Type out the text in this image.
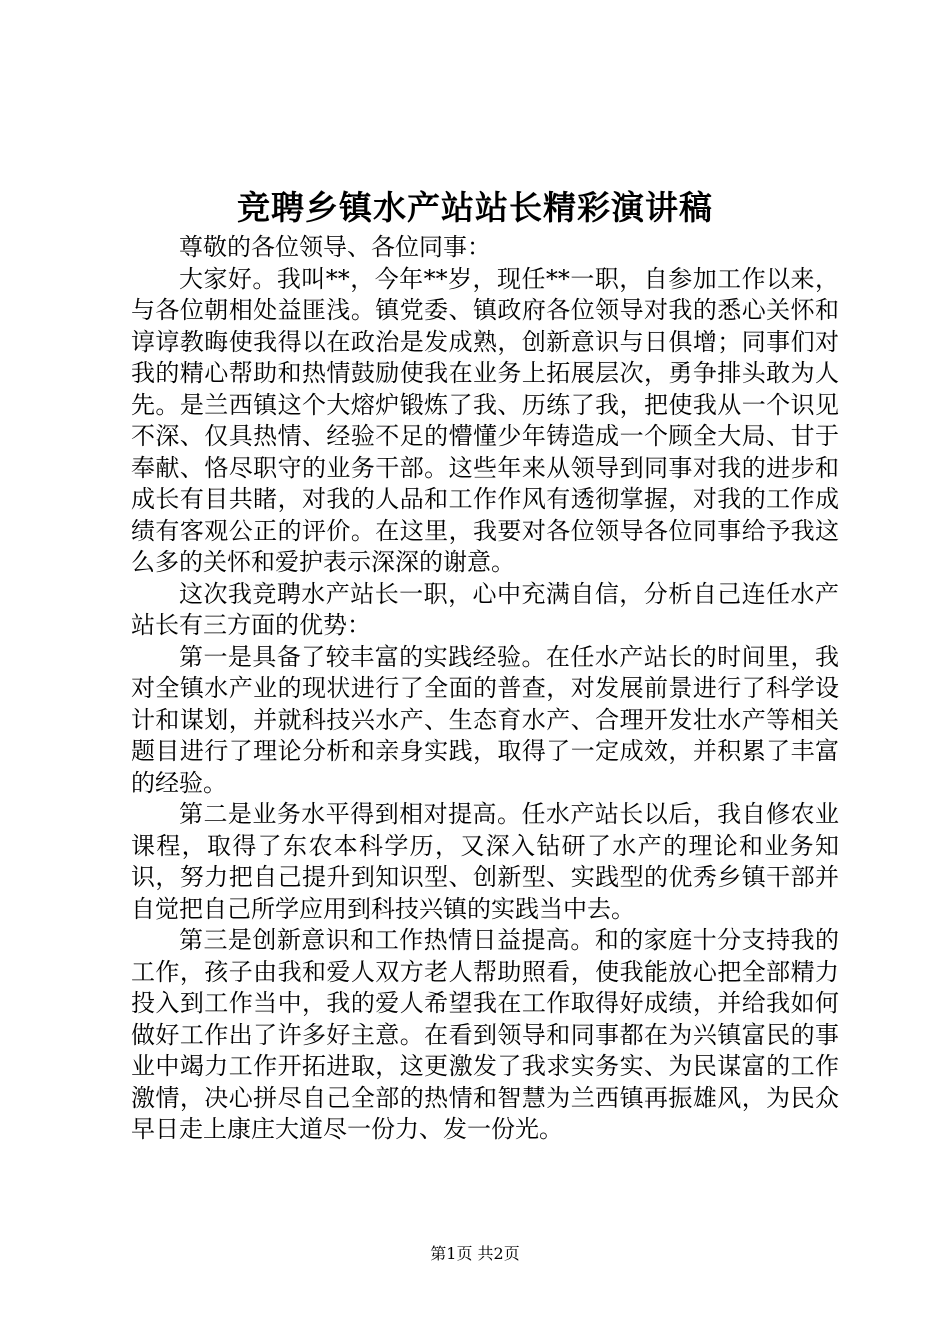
竞聘乡镇水产站站长精彩演讲稿

尊敬的各位领导、各位同事：

大家好。我叫**，今年**岁，现任**一职，自参加工作以来，与各位朝相处益匪浅。镇党委、镇政府各位领导对我的悉心关怀和谆谆教晦使我得以在政治是发成熟，创新意识与日俱增；同事们对我的精心帮助和热情鼓励使我在业务上拓展层次，勇争排头敢为人先。是兰西镇这个大熔炉锻炼了我、历练了我，把使我从一个识见不深、仅具热情、经验不足的懵懂少年铸造成一个顾全大局、甘于奉献、恪尽职守的业务干部。这些年来从领导到同事对我的进步和成长有目共睹，对我的人品和工作作风有透彻掌握，对我的工作成绩有客观公正的评价。在这里，我要对各位领导各位同事给予我这么多的关怀和爱护表示深深的谢意。

这次我竞聘水产站长一职，心中充满自信，分析自己连任水产站长有三方面的优势：

第一是具备了较丰富的实践经验。在任水产站长的时间里，我对全镇水产业的现状进行了全面的普查，对发展前景进行了科学设计和谋划，并就科技兴水产、生态育水产、合理开发壮水产等相关题目进行了理论分析和亲身实践，取得了一定成效，并积累了丰富的经验。

第二是业务水平得到相对提高。任水产站长以后，我自修农业课程，取得了东农本科学历，又深入钻研了水产的理论和业务知识，努力把自己提升到知识型、创新型、实践型的优秀乡镇干部并自觉把自己所学应用到科技兴镇的实践当中去。

第三是创新意识和工作热情日益提高。和的家庭十分支持我的工作，孩子由我和爱人双方老人帮助照看，使我能放心把全部精力投入到工作当中，我的爱人希望我在工作取得好成绩，并给我如何做好工作出了许多好主意。在看到领导和同事都在为兴镇富民的事业中竭力工作开拓进取，这更激发了我求实务实、为民谋富的工作激情，决心拼尽自己全部的热情和智慧为兰西镇再振雄风，为民众早日走上康庄大道尽一份力、发一份光。

第1页 共2页
